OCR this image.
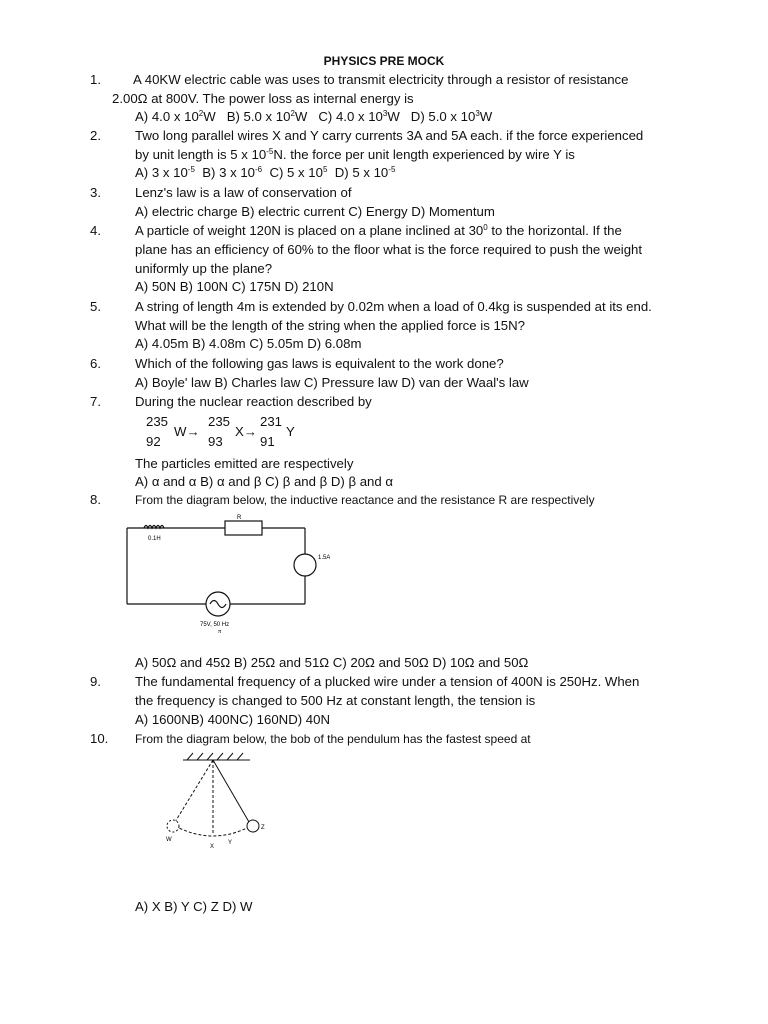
PHYSICS PRE MOCK
1. A 40KW electric cable was uses to transmit electricity through a resistor of resistance
2.00Ω at 800V. The power loss as internal energy is
A) 4.0 x $10^2W$ B) 5.0 x $10^2W$ C) 4.0 x $10^3W$ D) 5.0 x $10^3W$
2.	Two long parallel wires X and Y carry currents 3A and 5A each. if the force experienced
by unit length is 5 x $10^{-5}N$. the force per unit length experienced by wire Y is
A) 3 x $10^{-5}$ B) 3 x $10^{-6}$ C) 5 x $10^5$ D) 5 x $10^{-5}$
3.	Lenz's law is a law of conservation of
A) electric charge B) electric current C) Energy D) Momentum
4.	A particle of weight 120N is placed on a plane inclined at $30^0$ to the horizontal. If the
plane has an efficiency of 60% to the floor what is the force required to push the weight
uniformly up the plane?
A) 50N B) 100N C) 175N D) 210N
5.	A string of length 4m is extended by 0.02m when a load of 0.4kg is suspended at its end.
What will be the length of the string when the applied force is 15N?
A) 4.05m B) 4.08m C) 5.05m D) 6.08m
6.	Which of the following gas laws is equivalent to the work done?
A) Boyle' law B) Charles law C) Pressure law D) van der Waal's law
7.	During the nuclear reaction described by
235
92
W→
235
93
X→
231
91
Y
The particles emitted are respectively
A) α and α B) α and β C) β and β D) β and α
8.	From the diagram below, the inductive reactance and the resistance R are respectively
R
0.1H
1.5A
75V, 50 Hz
π
A) 50Ω and 45Ω B) 25Ω and 51Ω C) 20Ω and 50Ω D) 10Ω and 50Ω
9.	The fundamental frequency of a plucked wire under a tension of 400N is 250Hz. When
the frequency is changed to 500 Hz at constant length, the tension is
A) 1600NB) 400NC) 160ND) 40N
10. From the diagram below, the bob of the pendulum has the fastest speed at
W
X
Y
Z
A) X B) Y C) Z D) W
